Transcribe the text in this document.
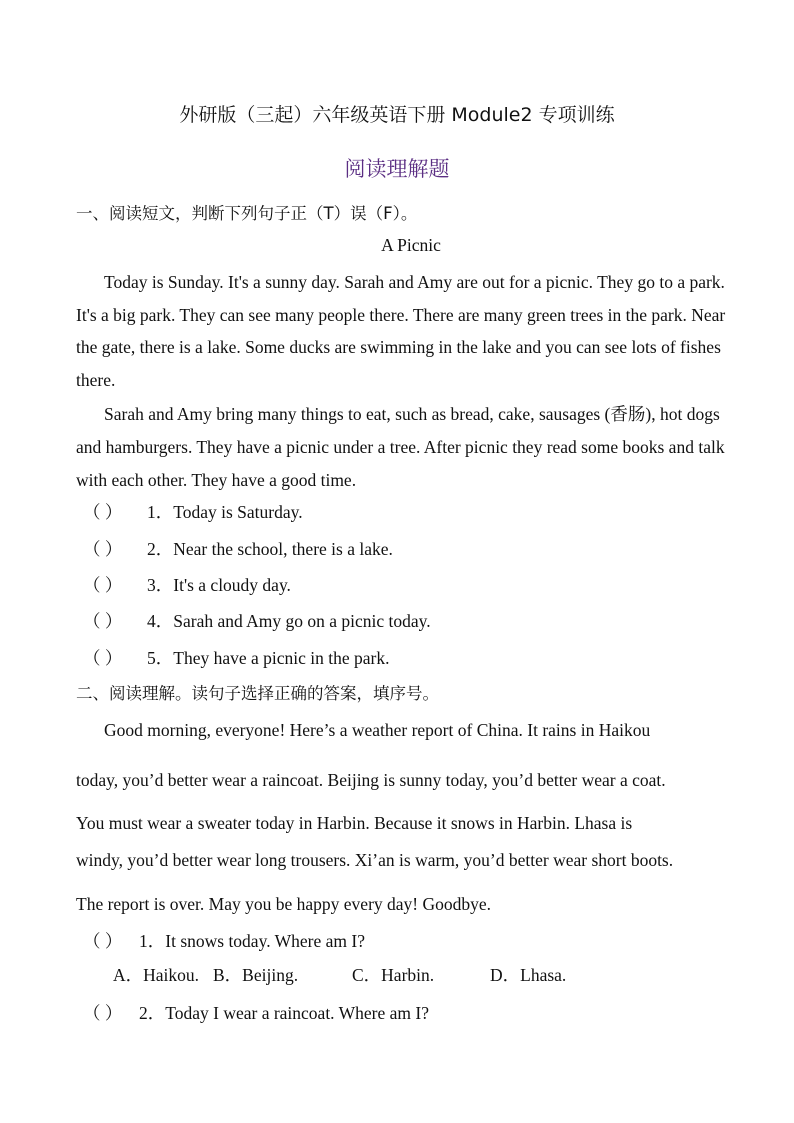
外研版（三起）六年级英语下册 Module2 专项训练
阅读理解题
一、阅读短文，判断下列句子正（T）误（F）。
A Picnic
Today is Sunday. It's a sunny day. Sarah and Amy are out for a picnic. They go to a park. It's a big park. They can see many people there. There are many green trees in the park. Near the gate, there is a lake. Some ducks are swimming in the lake and you can see lots of fishes there.
Sarah and Amy bring many things to eat, such as bread, cake, sausages (香肠), hot dogs and hamburgers. They have a picnic under a tree. After picnic they read some books and talk with each other. They have a good time.
（ ） 1．Today is Saturday.
（ ） 2．Near the school, there is a lake.
（ ） 3．It's a cloudy day.
（ ） 4．Sarah and Amy go on a picnic today.
（ ） 5．They have a picnic in the park.
二、阅读理解。读句子选择正确的答案，填序号。
Good morning, everyone! Here’s a weather report of China. It rains in Haikou
today, you’d better wear a raincoat. Beijing is sunny today, you’d better wear a coat.
You must wear a sweater today in Harbin. Because it snows in Harbin. Lhasa is
windy, you’d better wear long trousers. Xi’an is warm, you’d better wear short boots.
The report is over. May you be happy every day! Goodbye.
（ ） 1．It snows today. Where am I?
A．Haikou. B．Beijing.	C．Harbin.	D．Lhasa.
（ ） 2．Today I wear a raincoat. Where am I?
